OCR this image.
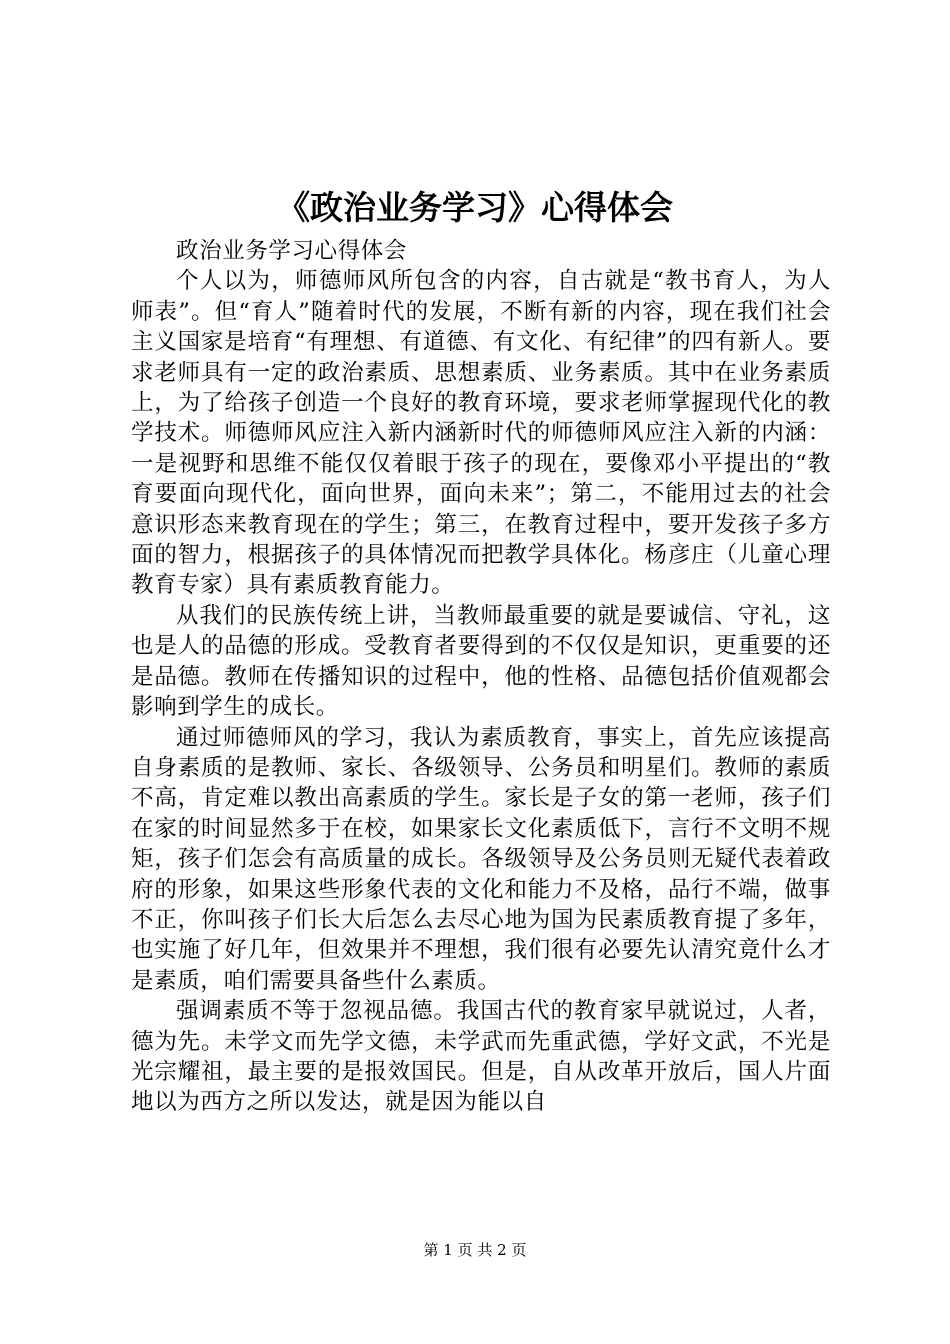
《政治业务学习》心得体会

政治业务学习心得体会

个人以为，师德师风所包含的内容，自古就是“教书育人，为人师表”。但“育人”随着时代的发展，不断有新的内容，现在我们社会主义国家是培育“有理想、有道德、有文化、有纪律”的四有新人。要求老师具有一定的政治素质、思想素质、业务素质。其中在业务素质上，为了给孩子创造一个良好的教育环境，要求老师掌握现代化的教学技术。师德师风应注入新内涵新时代的师德师风应注入新的内涵：一是视野和思维不能仅仅着眼于孩子的现在，要像邓小平提出的“教育要面向现代化，面向世界，面向未来”；第二，不能用过去的社会意识形态来教育现在的学生；第三，在教育过程中，要开发孩子多方面的智力，根据孩子的具体情况而把教学具体化。杨彦庄（儿童心理教育专家）具有素质教育能力。

从我们的民族传统上讲，当教师最重要的就是要诚信、守礼，这也是人的品德的形成。受教育者要得到的不仅仅是知识，更重要的还是品德。教师在传播知识的过程中，他的性格、品德包括价值观都会影响到学生的成长。

通过师德师风的学习，我认为素质教育，事实上，首先应该提高自身素质的是教师、家长、各级领导、公务员和明星们。教师的素质不高，肯定难以教出高素质的学生。家长是子女的第一老师，孩子们在家的时间显然多于在校，如果家长文化素质低下，言行不文明不规矩，孩子们怎会有高质量的成长。各级领导及公务员则无疑代表着政府的形象，如果这些形象代表的文化和能力不及格，品行不端，做事不正，你叫孩子们长大后怎么去尽心地为国为民素质教育提了多年，也实施了好几年，但效果并不理想，我们很有必要先认清究竟什么才是素质，咱们需要具备些什么素质。

强调素质不等于忽视品德。我国古代的教育家早就说过，人者，德为先。未学文而先学文德，未学武而先重武德，学好文武，不光是光宗耀祖，最主要的是报效国民。但是，自从改革开放后，国人片面地以为西方之所以发达，就是因为能以自

第 1 页 共 2 页
